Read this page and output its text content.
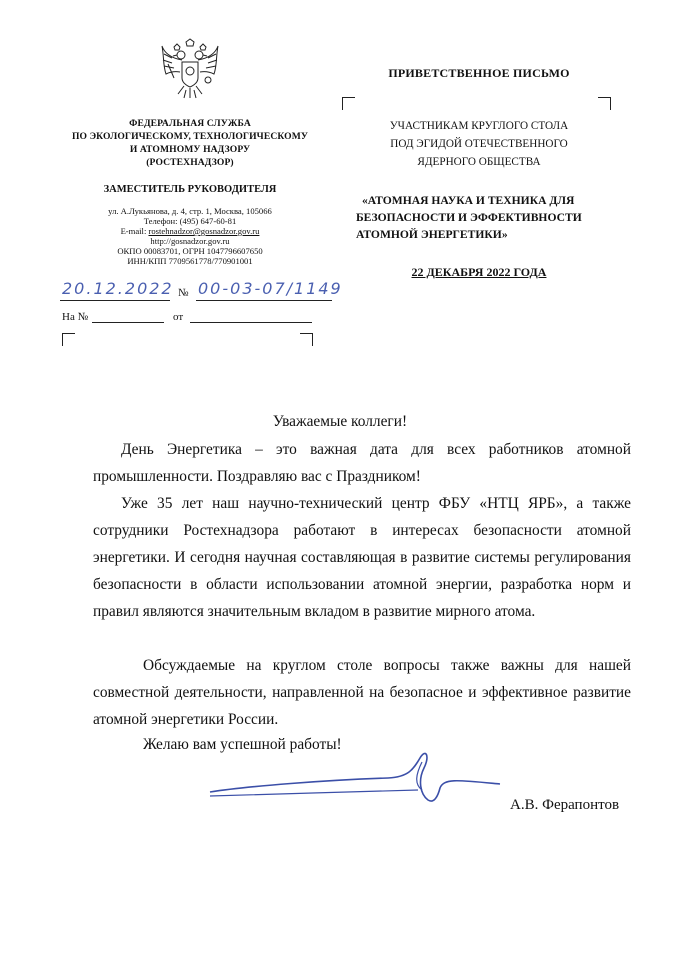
ФЕДЕРАЛЬНАЯ СЛУЖБА
ПО ЭКОЛОГИЧЕСКОМУ, ТЕХНОЛОГИЧЕСКОМУ
И АТОМНОМУ НАДЗОРУ
(РОСТЕХНАДЗОР)
ЗАМЕСТИТЕЛЬ РУКОВОДИТЕЛЯ
ул. А.Лукьянова, д. 4, стр. 1, Москва, 105066
Телефон: (495) 647-60-81
E-mail: rostehnadzor@gosnadzor.gov.ru
http://gosnadzor.gov.ru
ОКПО 00083701, ОГРН 1047796607650
ИНН/КПП 7709561778/770901001
20.12.2022 № 00-03-07/1149
На №	от
ПРИВЕТСТВЕННОЕ ПИСЬМО
УЧАСТНИКАМ КРУГЛОГО СТОЛА
ПОД ЭГИДОЙ ОТЕЧЕСТВЕННОГО
ЯДЕРНОГО ОБЩЕСТВА
«АТОМНАЯ НАУКА И ТЕХНИКА ДЛЯ
БЕЗОПАСНОСТИ И ЭФФЕКТИВНОСТИ
АТОМНОЙ ЭНЕРГЕТИКИ»
22 ДЕКАБРЯ 2022 ГОДА
Уважаемые коллеги!

День Энергетика – это важная дата для всех работников атомной промышленности. Поздравляю вас с Праздником!

Уже 35 лет наш научно-технический центр ФБУ «НТЦ ЯРБ», а также сотрудники Ростехнадзора работают в интересах безопасности атомной энергетики. И сегодня научная составляющая в развитие системы регулирования безопасности в области использовании атомной энергии, разработка норм и правил являются значительным вкладом в развитие мирного атома.

Обсуждаемые на круглом столе вопросы также важны для нашей совместной деятельности, направленной на безопасное и эффективное развитие атомной энергетики России.

Желаю вам успешной работы!
А.В. Ферапонтов
